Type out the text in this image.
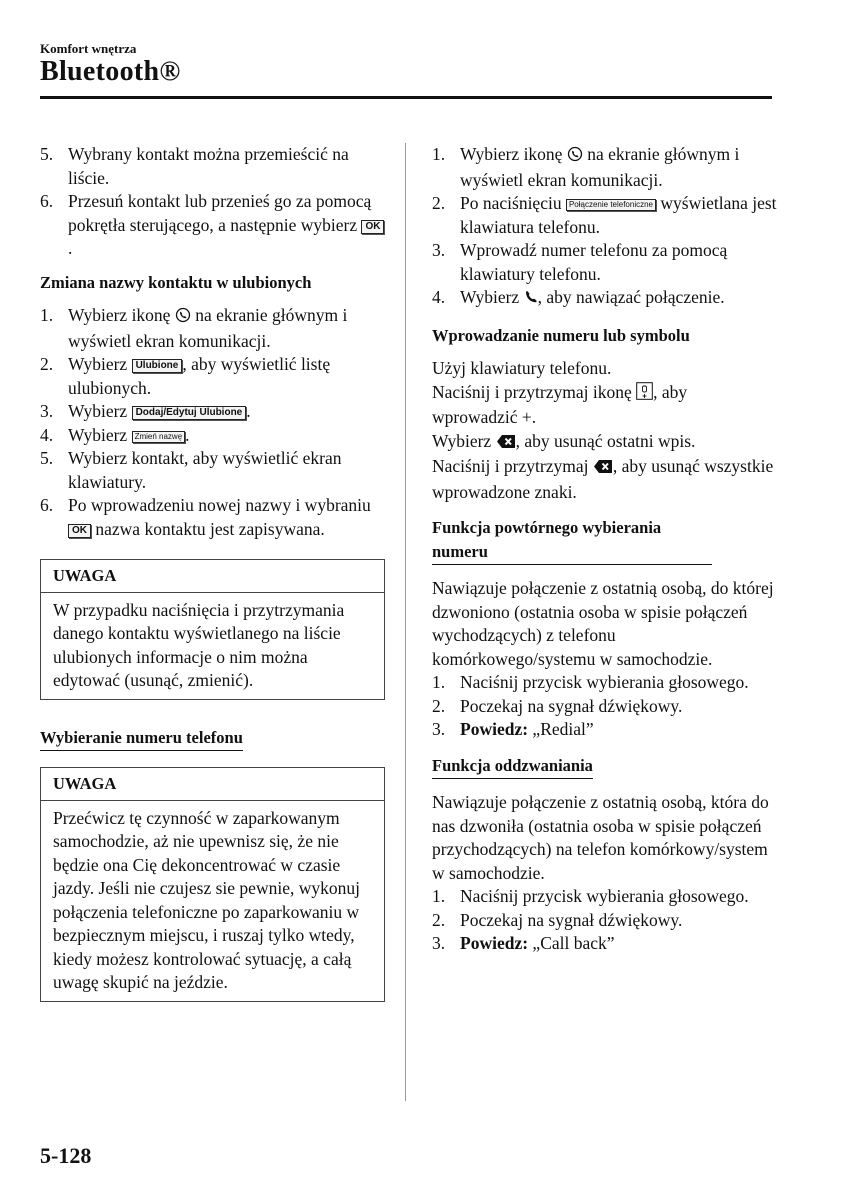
Komfort wnętrza
Bluetooth®
5. Wybrany kontakt można przemieścić na liście.
6. Przesuń kontakt lub przenieś go za pomocą pokrętła sterującego, a następnie wybierz OK.
Zmiana nazwy kontaktu w ulubionych
1. Wybierz ikonę  na ekranie głównym i wyświetl ekran komunikacji.
2. Wybierz Ulubione , aby wyświetlić listę ulubionych.
3. Wybierz Dodaj/Edytuj Ulubione .
4. Wybierz Zmień nazwę .
5. Wybierz kontakt, aby wyświetlić ekran klawiatury.
6. Po wprowadzeniu nowej nazwy i wybraniu OK nazwa kontaktu jest zapisywana.
UWAGA
W przypadku naciśnięcia i przytrzymania danego kontaktu wyświetlanego na liście ulubionych informacje o nim można edytować (usunąć, zmienić).
Wybieranie numeru telefonu
UWAGA
Przećwicz tę czynność w zaparkowanym samochodzie, aż nie upewnisz się, że nie będzie ona Cię dekoncentrować w czasie jazdy. Jeśli nie czujesz sie pewnie, wykonuj połączenia telefoniczne po zaparkowaniu w bezpiecznym miejscu, i ruszaj tylko wtedy, kiedy możesz kontrolować sytuację, a całą uwagę skupić na jeździe.
1. Wybierz ikonę  na ekranie głównym i wyświetl ekran komunikacji.
2. Po naciśnięciu Połączenie telefoniczne wyświetlana jest klawiatura telefonu.
3. Wprowadź numer telefonu za pomocą klawiatury telefonu.
4. Wybierz , aby nawiązać połączenie.
Wprowadzanie numeru lub symbolu

Użyj klawiatury telefonu.

Naciśnij i przytrzymaj ikonę , aby wprowadzić +.

Wybierz , aby usunąć ostatni wpis.

Naciśnij i przytrzymaj , aby usunąć wszystkie wprowadzone znaki.

Funkcja powtórnego wybierania numeru

Nawiązuje połączenie z ostatnią osobą, do której dzwoniono (ostatnia osoba w spisie połączeń wychodzących) z telefonu komórkowego/systemu w samochodzie.

1. Naciśnij przycisk wybierania głosowego.
2. Poczekaj na sygnał dźwiękowy.
3. Powiedz: „Redial”
Funkcja oddzwaniania

Nawiązuje połączenie z ostatnią osobą, która do nas dzwoniła (ostatnia osoba w spisie połączeń przychodzących) na telefon komórkowy/system w samochodzie.

1. Naciśnij przycisk wybierania głosowego.
2. Poczekaj na sygnał dźwiękowy.
3. Powiedz: „Call back”
5-128
